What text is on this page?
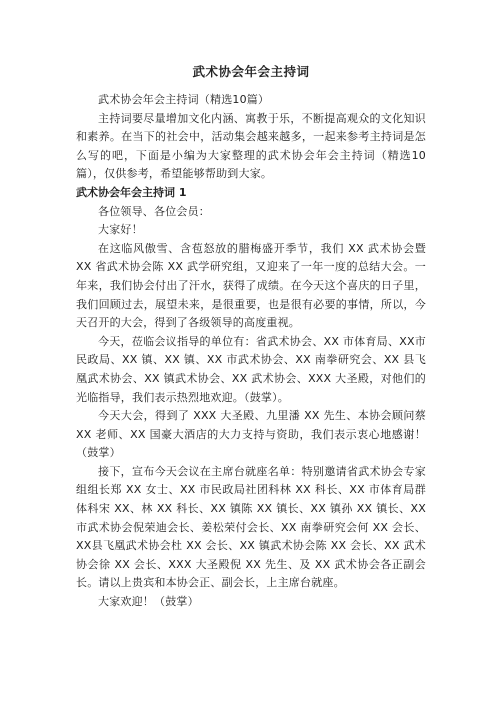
武术协会年会主持词

武术协会年会主持词（精选10篇）

主持词要尽量增加文化内涵、寓教于乐，不断提高观众的文化知识和素养。在当下的社会中，活动集会越来越多，一起来参考主持词是怎么写的吧，下面是小编为大家整理的武术协会年会主持词（精选10篇），仅供参考，希望能够帮助到大家。

武术协会年会主持词 1

各位领导、各位会员：

大家好！

在这临风傲雪、含苞怒放的腊梅盛开季节，我们 XX 武术协会暨XX 省武术协会陈 XX 武学研究组，又迎来了一年一度的总结大会。一年来，我们协会付出了汗水，获得了成绩。在今天这个喜庆的日子里，我们回顾过去，展望未来，是很重要，也是很有必要的事情，所以，今天召开的大会，得到了各级领导的高度重视。

今天，莅临会议指导的单位有：省武术协会、XX 市体育局、XX市民政局、XX 镇、XX 镇、XX 市武术协会、XX 南拳研究会、XX 县飞凰武术协会、XX 镇武术协会、XX 武术协会、XXX 大圣殿，对他们的光临指导，我们表示热烈地欢迎。（鼓掌）。

今天大会，得到了 XXX 大圣殿、九里潘 XX 先生、本协会顾问蔡XX 老师、XX 国豪大酒店的大力支持与资助，我们表示衷心地感谢！（鼓掌）

接下，宣布今天会议在主席台就座名单：特别邀请省武术协会专家组组长郑 XX 女士、XX 市民政局社团科林 XX 科长、XX 市体育局群体科宋 XX、林 XX 科长、XX 镇陈 XX 镇长、XX 镇孙 XX 镇长、XX 市武术协会倪荣迪会长、姜松荣付会长、XX 南拳研究会何 XX 会长、XX县飞凰武术协会杜 XX 会长、XX 镇武术协会陈 XX 会长、XX 武术协会徐 XX 会长、XXX 大圣殿倪 XX 先生、及 XX 武术协会各正副会长。请以上贵宾和本协会正、副会长，上主席台就座。

大家欢迎！（鼓掌）
